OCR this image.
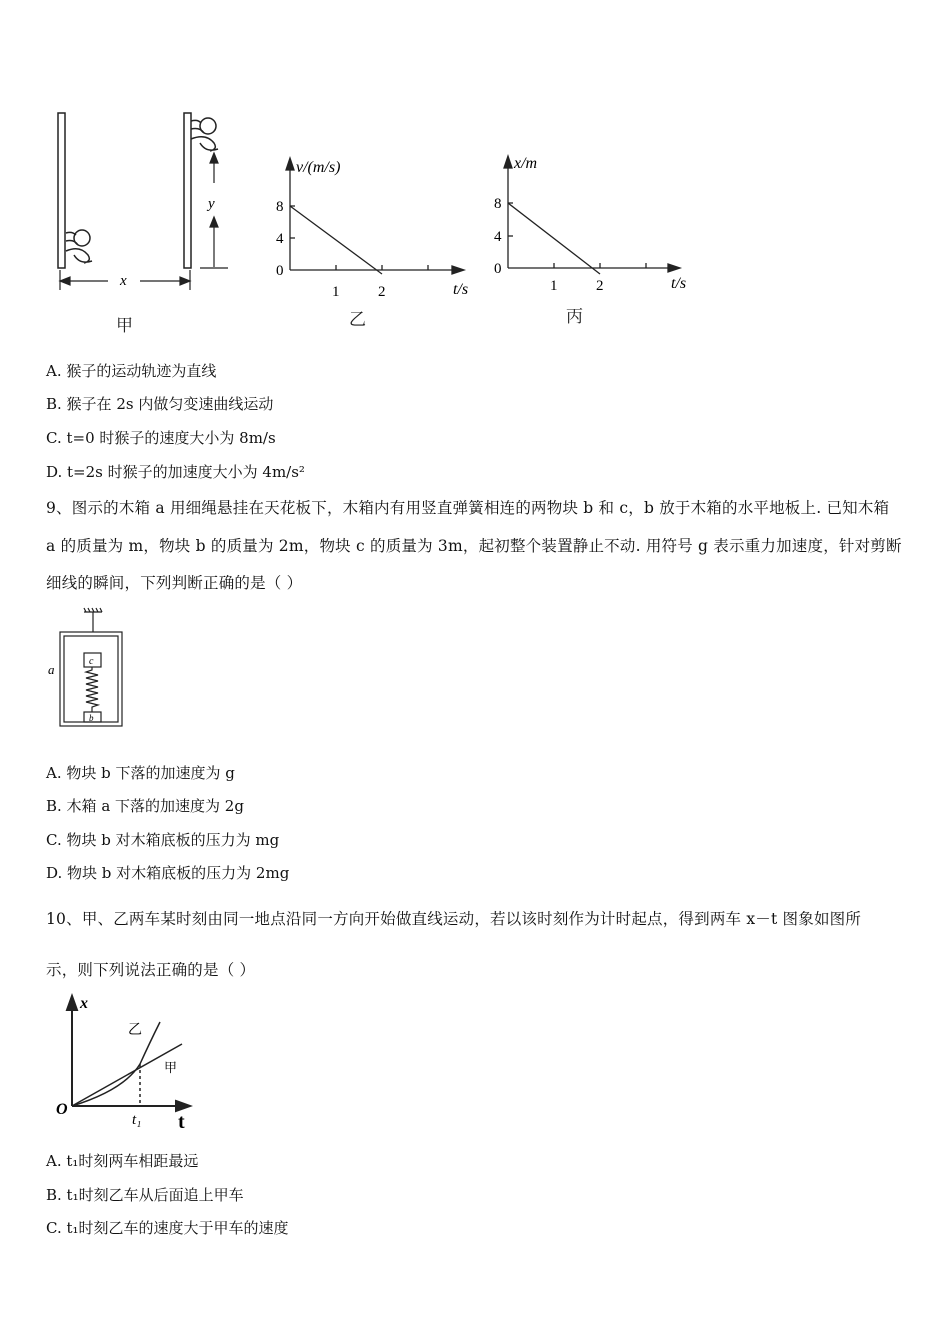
y
x
甲
v/(m/s)
8
4
0
1	2	t/s
乙
x/m
8
4
0
1	2	t/s
丙
A. 猴子的运动轨迹为直线
B. 猴子在 2s 内做匀变速曲线运动
C. t=0 时猴子的速度大小为 8m/s
D. t=2s 时猴子的加速度大小为 4m/s²
9、图示的木箱 a 用细绳悬挂在天花板下，木箱内有用竖直弹簧相连的两物块 b 和 c，b 放于木箱的水平地板上. 已知木箱
a 的质量为 m，物块 b 的质量为 2m，物块 c 的质量为 3m，起初整个装置静止不动. 用符号 g 表示重力加速度，针对剪断
细线的瞬间，下列判断正确的是（ ）
a
c
b
A. 物块 b 下落的加速度为 g
B. 木箱 a 下落的加速度为 2g
C. 物块 b 对木箱底板的压力为 mg
D. 物块 b 对木箱底板的压力为 2mg
10、甲、乙两车某时刻由同一地点沿同一方向开始做直线运动，若以该时刻作为计时起点，得到两车 x－t 图象如图所
示，则下列说法正确的是（ ）
x
t
O
t₁
乙
甲
A. t₁时刻两车相距最远
B. t₁时刻乙车从后面追上甲车
C. t₁时刻乙车的速度大于甲车的速度
